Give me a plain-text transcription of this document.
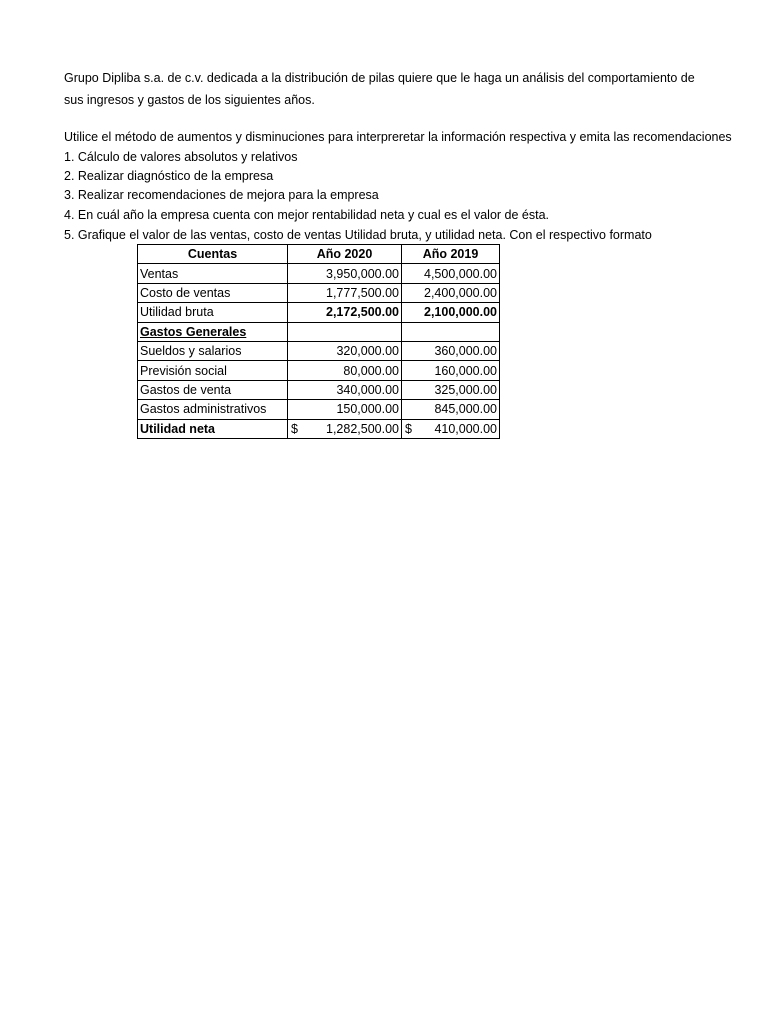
Grupo Dipliba s.a. de c.v. dedicada a la distribución de pilas quiere que le haga un análisis del comportamiento de
sus ingresos y gastos de los siguientes años.
Utilice el método de aumentos y disminuciones para interpreretar la información respectiva y emita las recomendaciones
1. Cálculo de valores absolutos y relativos
2. Realizar diagnóstico de la empresa
3. Realizar recomendaciones de mejora para la empresa
4. En cuál año la empresa cuenta con mejor rentabilidad neta y cual es el valor de ésta.
5. Grafique el valor de las ventas, costo de ventas Utilidad bruta, y utilidad neta. Con el respectivo formato
Cuentas	Año 2020	Año 2019
Ventas	3,950,000.00	4,500,000.00
Costo de ventas	1,777,500.00	2,400,000.00
Utilidad bruta	2,172,500.00	2,100,000.00
Gastos Generales		
Sueldos y salarios	320,000.00	360,000.00
Previsión social	80,000.00	160,000.00
Gastos de venta	340,000.00	325,000.00
Gastos administrativos	150,000.00	845,000.00
Utilidad neta	$ 1,282,500.00	$ 410,000.00
